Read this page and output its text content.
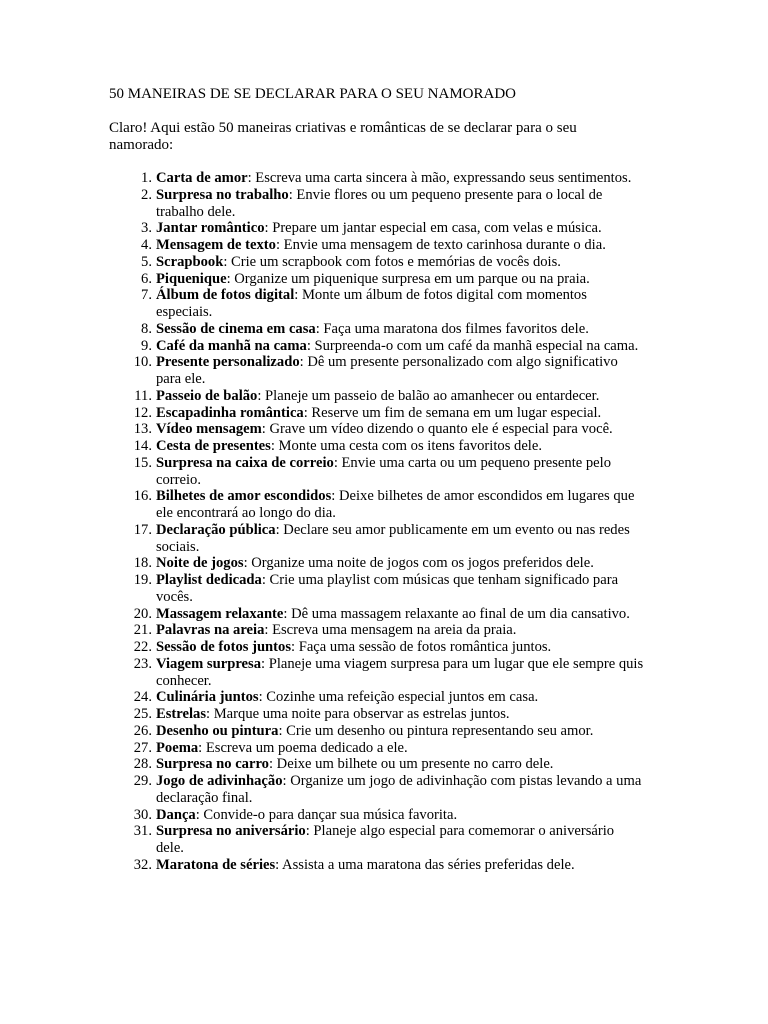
50 MANEIRAS DE SE DECLARAR PARA O SEU NAMORADO
Claro! Aqui estão 50 maneiras criativas e românticas de se declarar para o seu namorado:
1. Carta de amor: Escreva uma carta sincera à mão, expressando seus sentimentos.
2. Surpresa no trabalho: Envie flores ou um pequeno presente para o local de trabalho dele.
3. Jantar romântico: Prepare um jantar especial em casa, com velas e música.
4. Mensagem de texto: Envie uma mensagem de texto carinhosa durante o dia.
5. Scrapbook: Crie um scrapbook com fotos e memórias de vocês dois.
6. Piquenique: Organize um piquenique surpresa em um parque ou na praia.
7. Álbum de fotos digital: Monte um álbum de fotos digital com momentos especiais.
8. Sessão de cinema em casa: Faça uma maratona dos filmes favoritos dele.
9. Café da manhã na cama: Surpreenda-o com um café da manhã especial na cama.
10. Presente personalizado: Dê um presente personalizado com algo significativo para ele.
11. Passeio de balão: Planeje um passeio de balão ao amanhecer ou entardecer.
12. Escapadinha romântica: Reserve um fim de semana em um lugar especial.
13. Vídeo mensagem: Grave um vídeo dizendo o quanto ele é especial para você.
14. Cesta de presentes: Monte uma cesta com os itens favoritos dele.
15. Surpresa na caixa de correio: Envie uma carta ou um pequeno presente pelo correio.
16. Bilhetes de amor escondidos: Deixe bilhetes de amor escondidos em lugares que ele encontrará ao longo do dia.
17. Declaração pública: Declare seu amor publicamente em um evento ou nas redes sociais.
18. Noite de jogos: Organize uma noite de jogos com os jogos preferidos dele.
19. Playlist dedicada: Crie uma playlist com músicas que tenham significado para vocês.
20. Massagem relaxante: Dê uma massagem relaxante ao final de um dia cansativo.
21. Palavras na areia: Escreva uma mensagem na areia da praia.
22. Sessão de fotos juntos: Faça uma sessão de fotos romântica juntos.
23. Viagem surpresa: Planeje uma viagem surpresa para um lugar que ele sempre quis conhecer.
24. Culinária juntos: Cozinhe uma refeição especial juntos em casa.
25. Estrelas: Marque uma noite para observar as estrelas juntos.
26. Desenho ou pintura: Crie um desenho ou pintura representando seu amor.
27. Poema: Escreva um poema dedicado a ele.
28. Surpresa no carro: Deixe um bilhete ou um presente no carro dele.
29. Jogo de adivinhação: Organize um jogo de adivinhação com pistas levando a uma declaração final.
30. Dança: Convide-o para dançar sua música favorita.
31. Surpresa no aniversário: Planeje algo especial para comemorar o aniversário dele.
32. Maratona de séries: Assista a uma maratona das séries preferidas dele.
